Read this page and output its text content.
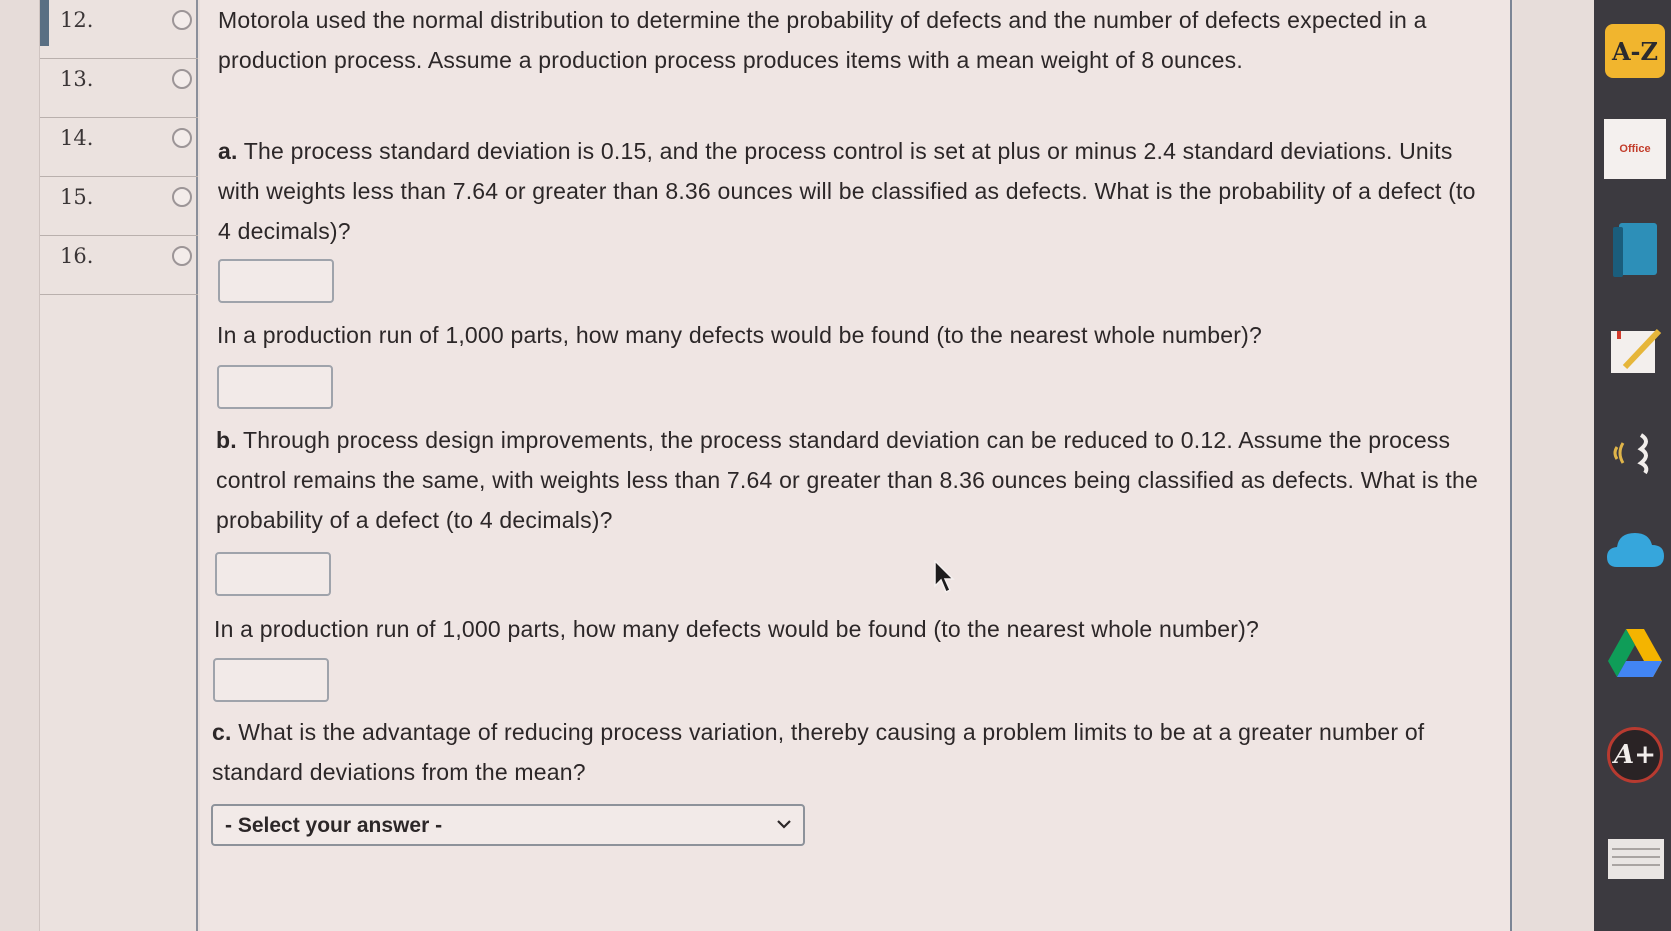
12.
13.
14.
15.
16.
Motorola used the normal distribution to determine the probability of defects and the number of defects expected in a production process. Assume a production process produces items with a mean weight of 8 ounces.
a. The process standard deviation is 0.15, and the process control is set at plus or minus 2.4 standard deviations. Units with weights less than 7.64 or greater than 8.36 ounces will be classified as defects. What is the probability of a defect (to 4 decimals)?
In a production run of 1,000 parts, how many defects would be found (to the nearest whole number)?
b. Through process design improvements, the process standard deviation can be reduced to 0.12. Assume the process control remains the same, with weights less than 7.64 or greater than 8.36 ounces being classified as defects. What is the probability of a defect (to 4 decimals)?
In a production run of 1,000 parts, how many defects would be found (to the nearest whole number)?
c. What is the advantage of reducing process variation, thereby causing a problem limits to be at a greater number of standard deviations from the mean?
- Select your answer -
A-Z
Office
A+
